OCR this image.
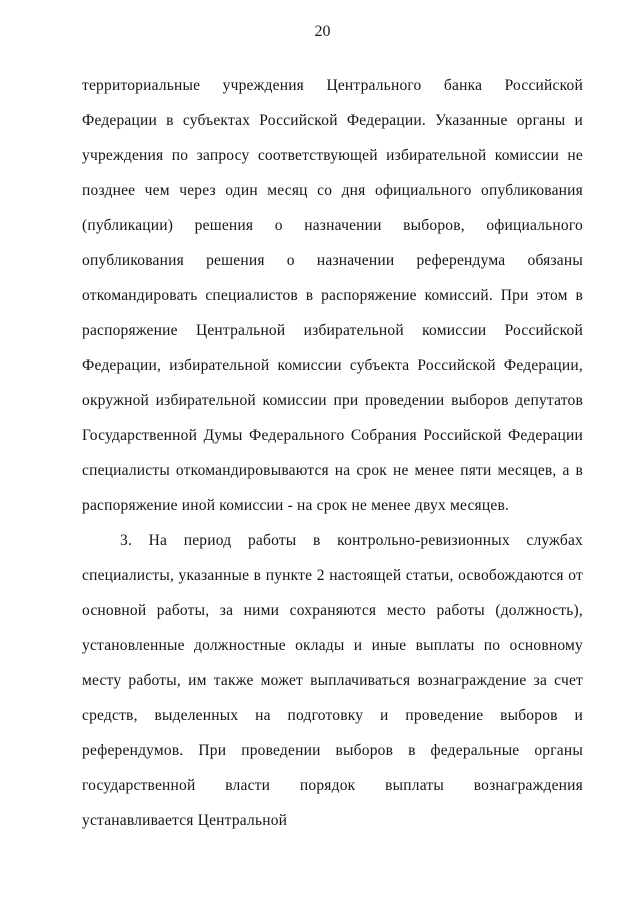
20

территориальные учреждения Центрального банка Российской Федерации в субъектах Российской Федерации. Указанные органы и учреждения по запросу соответствующей избирательной комиссии не позднее чем через один месяц со дня официального опубликования (публикации) решения о назначении выборов, официального опубликования решения о назначении референдума обязаны откомандировать специалистов в распоряжение комиссий. При этом в распоряжение Центральной избирательной комиссии Российской Федерации, избирательной комиссии субъекта Российской Федерации, окружной избирательной комиссии при проведении выборов депутатов Государственной Думы Федерального Собрания Российской Федерации специалисты откомандировываются на срок не менее пяти месяцев, а в распоряжение иной комиссии - на срок не менее двух месяцев.

3. На период работы в контрольно-ревизионных службах специалисты, указанные в пункте 2 настоящей статьи, освобождаются от основной работы, за ними сохраняются место работы (должность), установленные должностные оклады и иные выплаты по основному месту работы, им также может выплачиваться вознаграждение за счет средств, выделенных на подготовку и проведение выборов и референдумов. При проведении выборов в федеральные органы государственной власти порядок выплаты вознаграждения устанавливается Центральной
